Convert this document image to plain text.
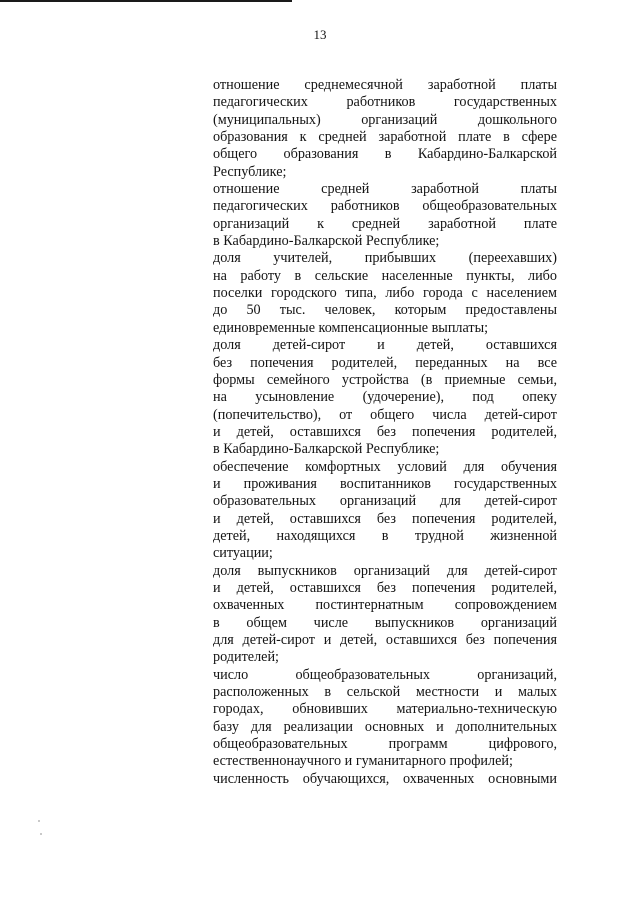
13
отношение среднемесячной заработной платы
педагогических работников государственных
(муниципальных) организаций дошкольного
образования к средней заработной плате в сфере
общего образования в Кабардино-Балкарской
Республике;
отношение средней заработной платы
педагогических работников общеобразовательных
организаций к средней заработной плате
в Кабардино-Балкарской Республике;
доля учителей, прибывших (переехавших)
на работу в сельские населенные пункты, либо
поселки городского типа, либо города с населением
до 50 тыс. человек, которым предоставлены
единовременные компенсационные выплаты;
доля детей-сирот и детей, оставшихся
без попечения родителей, переданных на все
формы семейного устройства (в приемные семьи,
на усыновление (удочерение), под опеку
(попечительство), от общего числа детей-сирот
и детей, оставшихся без попечения родителей,
в Кабардино-Балкарской Республике;
обеспечение комфортных условий для обучения
и проживания воспитанников государственных
образовательных организаций для детей-сирот
и детей, оставшихся без попечения родителей,
детей, находящихся в трудной жизненной
ситуации;
доля выпускников организаций для детей-сирот
и детей, оставшихся без попечения родителей,
охваченных постинтернатным сопровождением
в общем числе выпускников организаций
для детей-сирот и детей, оставшихся без попечения
родителей;
число общеобразовательных организаций,
расположенных в сельской местности и малых
городах, обновивших материально-техническую
базу для реализации основных и дополнительных
общеобразовательных программ цифрового,
естественнонаучного и гуманитарного профилей;
численность обучающихся, охваченных основными
